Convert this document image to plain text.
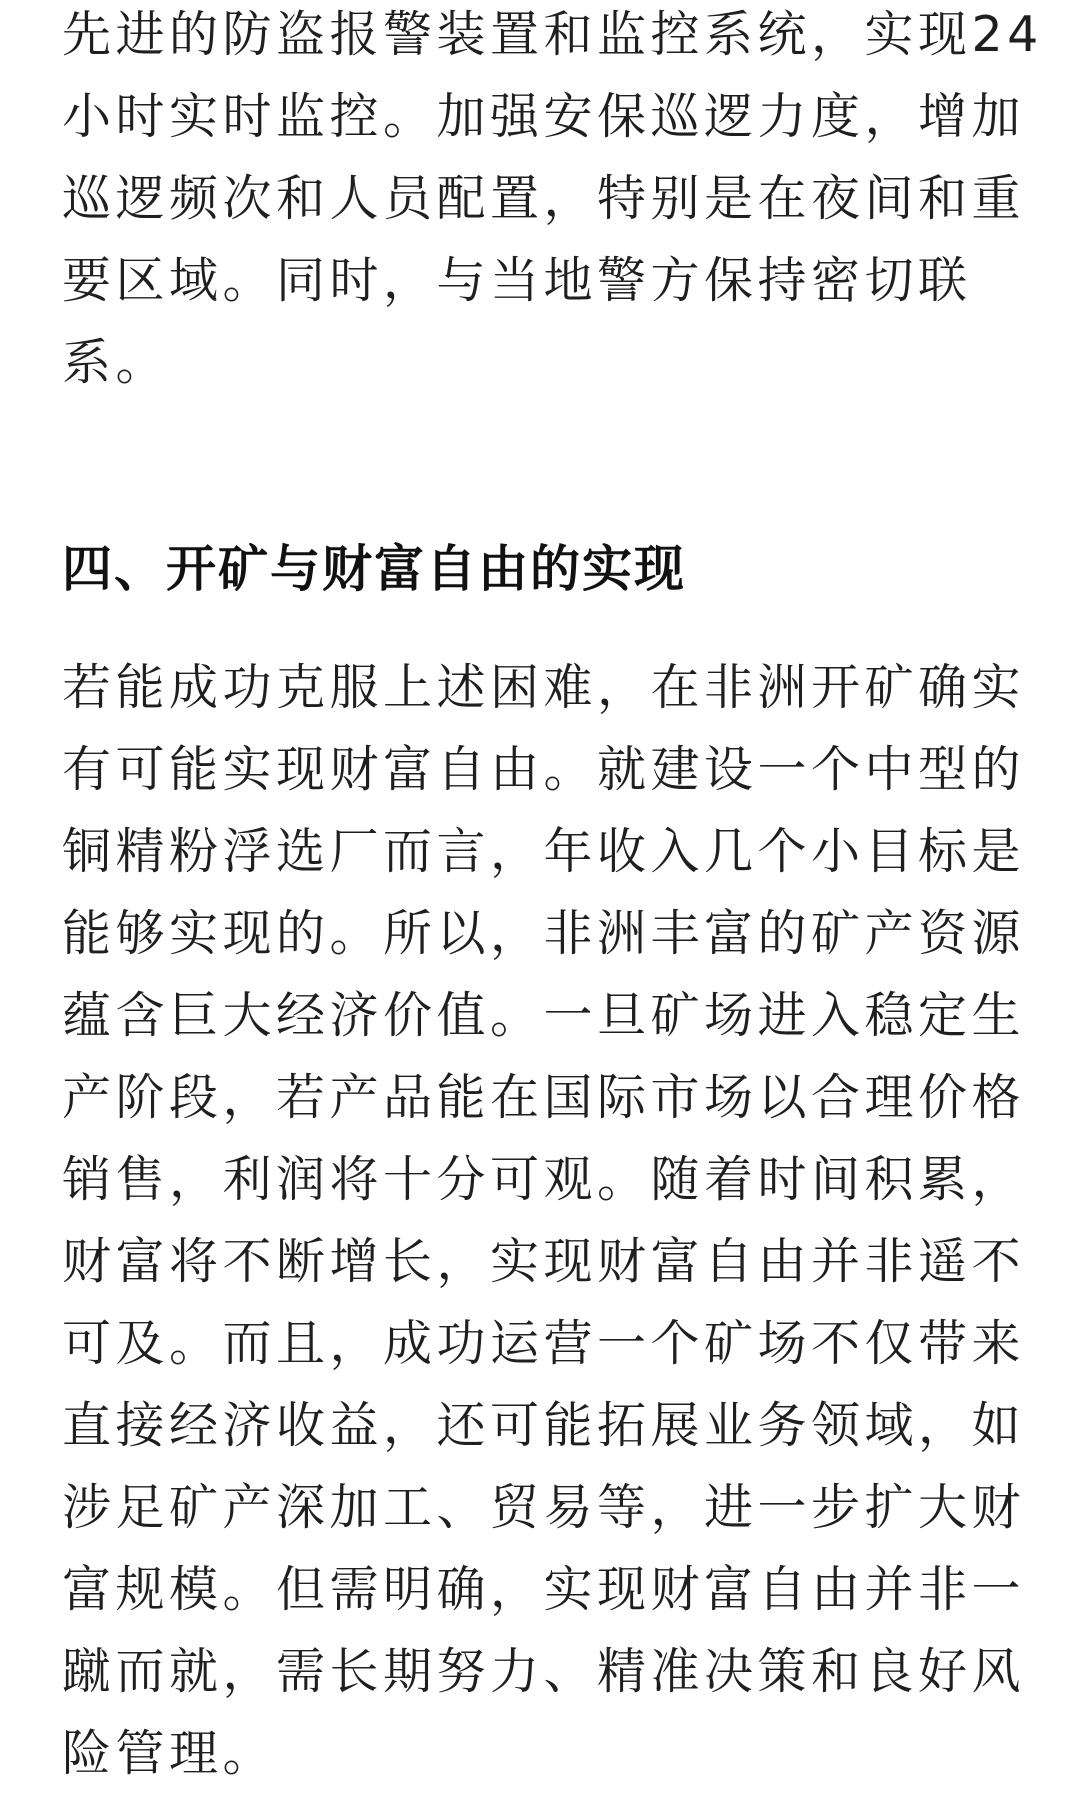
先进的防盗报警装置和监控系统，实现24
小时实时监控。加强安保巡逻力度，增加
巡逻频次和人员配置，特别是在夜间和重
要区域。同时，与当地警方保持密切联
系。
四、开矿与财富自由的实现
若能成功克服上述困难，在非洲开矿确实
有可能实现财富自由。就建设一个中型的
铜精粉浮选厂而言，年收入几个小目标是
能够实现的。所以，非洲丰富的矿产资源
蕴含巨大经济价值。一旦矿场进入稳定生
产阶段，若产品能在国际市场以合理价格
销售，利润将十分可观。随着时间积累，
财富将不断增长，实现财富自由并非遥不
可及。而且，成功运营一个矿场不仅带来
直接经济收益，还可能拓展业务领域，如
涉足矿产深加工、贸易等，进一步扩大财
富规模。但需明确，实现财富自由并非一
蹴而就，需长期努力、精准决策和良好风
险管理。
